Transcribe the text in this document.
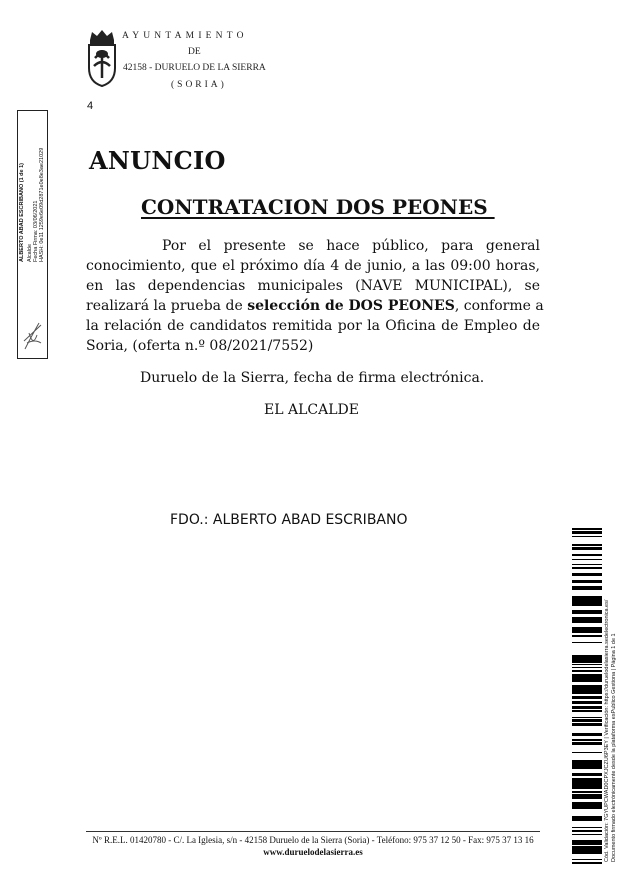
AYUNTAMIENTO
DE
42158 - DURUELO DE LA SIERRA
(SORIA)
4
ALBERTO ABAD ESCRIBANO (1 de 1) Alcalde Fecha Firma: 03/06/2021 HASH: 0e11 1259e6e09d2871e0e8e3ae21029 ANUNCIO
CONTRATACION DOS PEONES
Por el presente se hace público, para general
conocimiento, que el próximo día 4 de junio, a las 09:00 horas,
en las dependencias municipales (NAVE MUNICIPAL), se
realizará la prueba de selección de DOS PEONES, conforme a
la relación de candidatos remitida por la Oficina de Empleo de
Soria, (oferta n.º 08/2021/7552)
Duruelo de la Sierra, fecha de firma electrónica.
EL ALCALDE
FDO.: ALBERTO ABAD ESCRIBANO
Nº R.E.L. 01420780 - C/. La Iglesia, s/n - 42158 Duruelo de la Sierra (Soria) - Teléfono: 975 37 12 50 - Fax: 975 37 13 16
www.duruelodelasierra.es	Cód. Validación: 7GYUPCWAD0CPXJCZU6P3EY | Verificación: https://duruelodelasierra.sedelectronica.es/ Documento firmado electrónicamente desde la plataforma esPublico Gestiona | Página 1 de 1
